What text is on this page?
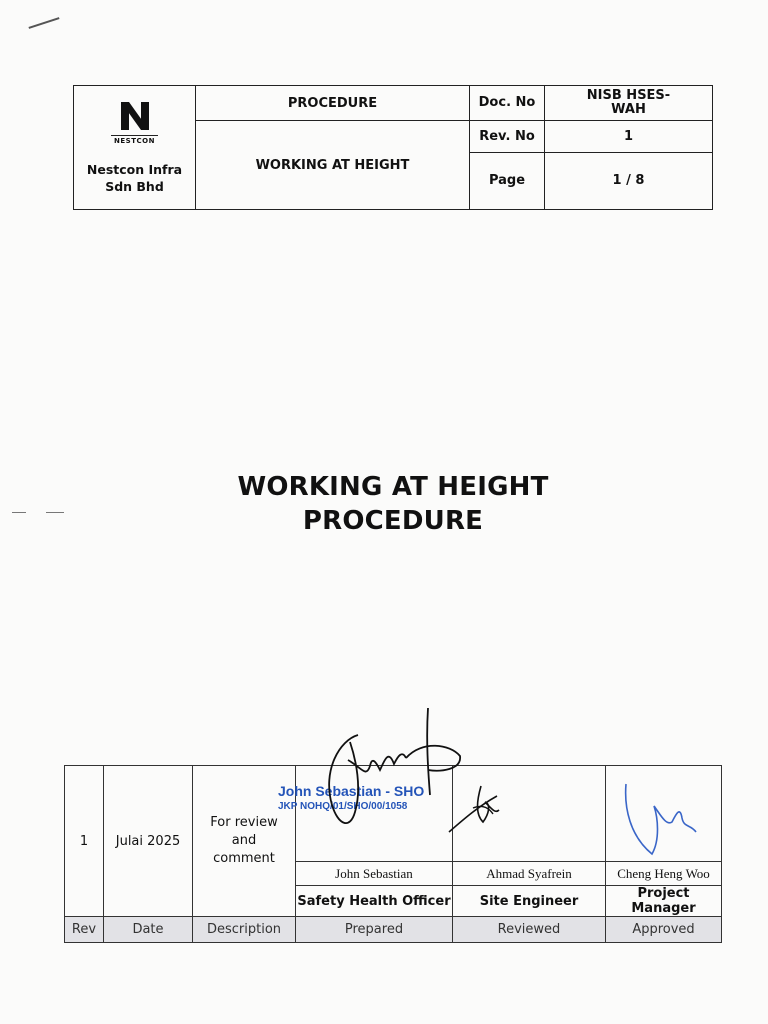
NESTCON
Nestcon Infra Sdn Bhd	PROCEDURE	Doc. No	NISB HSES-WAH
	WORKING AT HEIGHT	Rev. No	1
		Page	1 / 8
WORKING AT HEIGHT
PROCEDURE
1	Julai 2025	For review and comment			
			John Sebastian	Ahmad Syafrein	Cheng Heng Woo
			Safety Health Officer	Site Engineer	Project Manager
Rev	Date	Description	Prepared	Reviewed	Approved
John Sebastian - SHO
JKP NOHQ/01/SHO/00/1058
